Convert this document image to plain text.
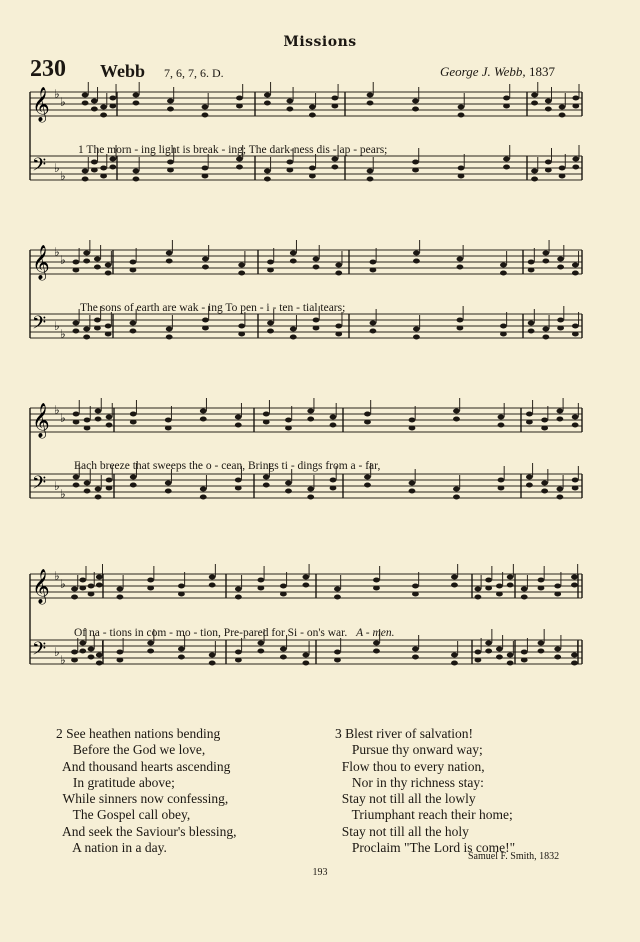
Missions
230 Webb 7, 6, 7, 6. D.	George J. Webb, 1837
𝄞 ♭
♭
𝄢 ♭
♭
𝄞 ♭
♭
𝄢 ♭
♭
𝄞 ♭
♭
𝄢 ♭
♭
𝄞 ♭
♭
𝄢 ♭
♭
1 The morn - ing light is break - ing; The dark-ness dis - ap - pears;
The sons of earth are wak - ing To pen - i - ten - tial tears;
Each breeze that sweeps the o - cean, Brings ti - dings from a - far,
Of na - tions in com - mo - tion, Pre-pared for Si - on's war. A - men.
2 See heathen nations bending
Before the God we love,
And thousand hearts ascending
In gratitude above;
While sinners now confessing,
The Gospel call obey,
And seek the Saviour's blessing,
A nation in a day.
3 Blest river of salvation!
Pursue thy onward way;
Flow thou to every nation,
Nor in thy richness stay:
Stay not till all the lowly
Triumphant reach their home;
Stay not till all the holy
Proclaim "The Lord is come!"
Samuel F. Smith, 1832
193
